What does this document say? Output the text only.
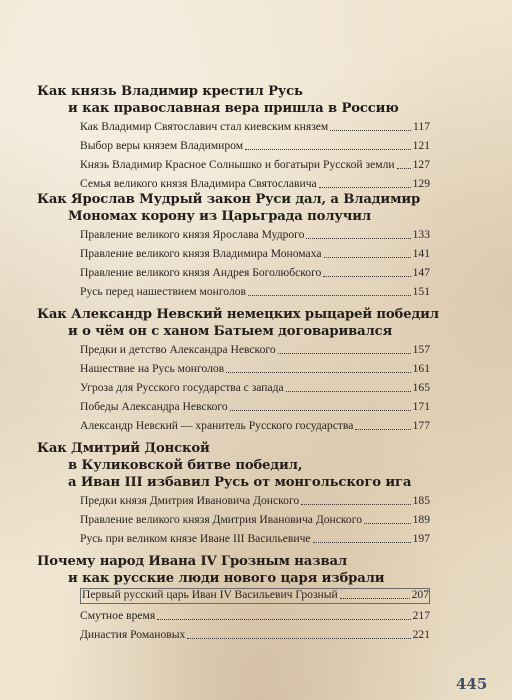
Как князь Владимир крестил Русь
и как православная вера пришла в Россию
Как Владимир Святославич стал киевским князем	117
Выбор веры князем Владимиром	121
Князь Владимир Красное Солнышко и богатыри Русской земли 127
Семья великого князя Владимира Святославича	129
Как Ярослав Мудрый закон Руси дал, а Владимир
Мономах корону из Царьграда получил
Правление великого князя Ярослава Мудрого	133
Правление великого князя Владимира Мономаха	141
Правление великого князя Андрея Боголюбского	147
Русь перед нашествием монголов	151
Как Александр Невский немецких рыцарей победил
и о чём он с ханом Батыем договаривался
Предки и детство Александра Невского	157
Нашествие на Русь монголов	161
Угроза для Русского государства с запада	165
Победы Александра Невского	171
Александр Невский — хранитель Русского государства	177
Как Дмитрий Донской
в Куликовской битве победил,
а Иван III избавил Русь от монгольского ига
Предки князя Дмитрия Ивановича Донского	185
Правление великого князя Дмитрия Ивановича Донского	189
Русь при великом князе Иване III Васильевиче	197
Почему народ Ивана IV Грозным назвал
и как русские люди нового царя избрали
Первый русский царь Иван IV Васильевич Грозный	207
Смутное время	217
Династия Романовых	221
445
